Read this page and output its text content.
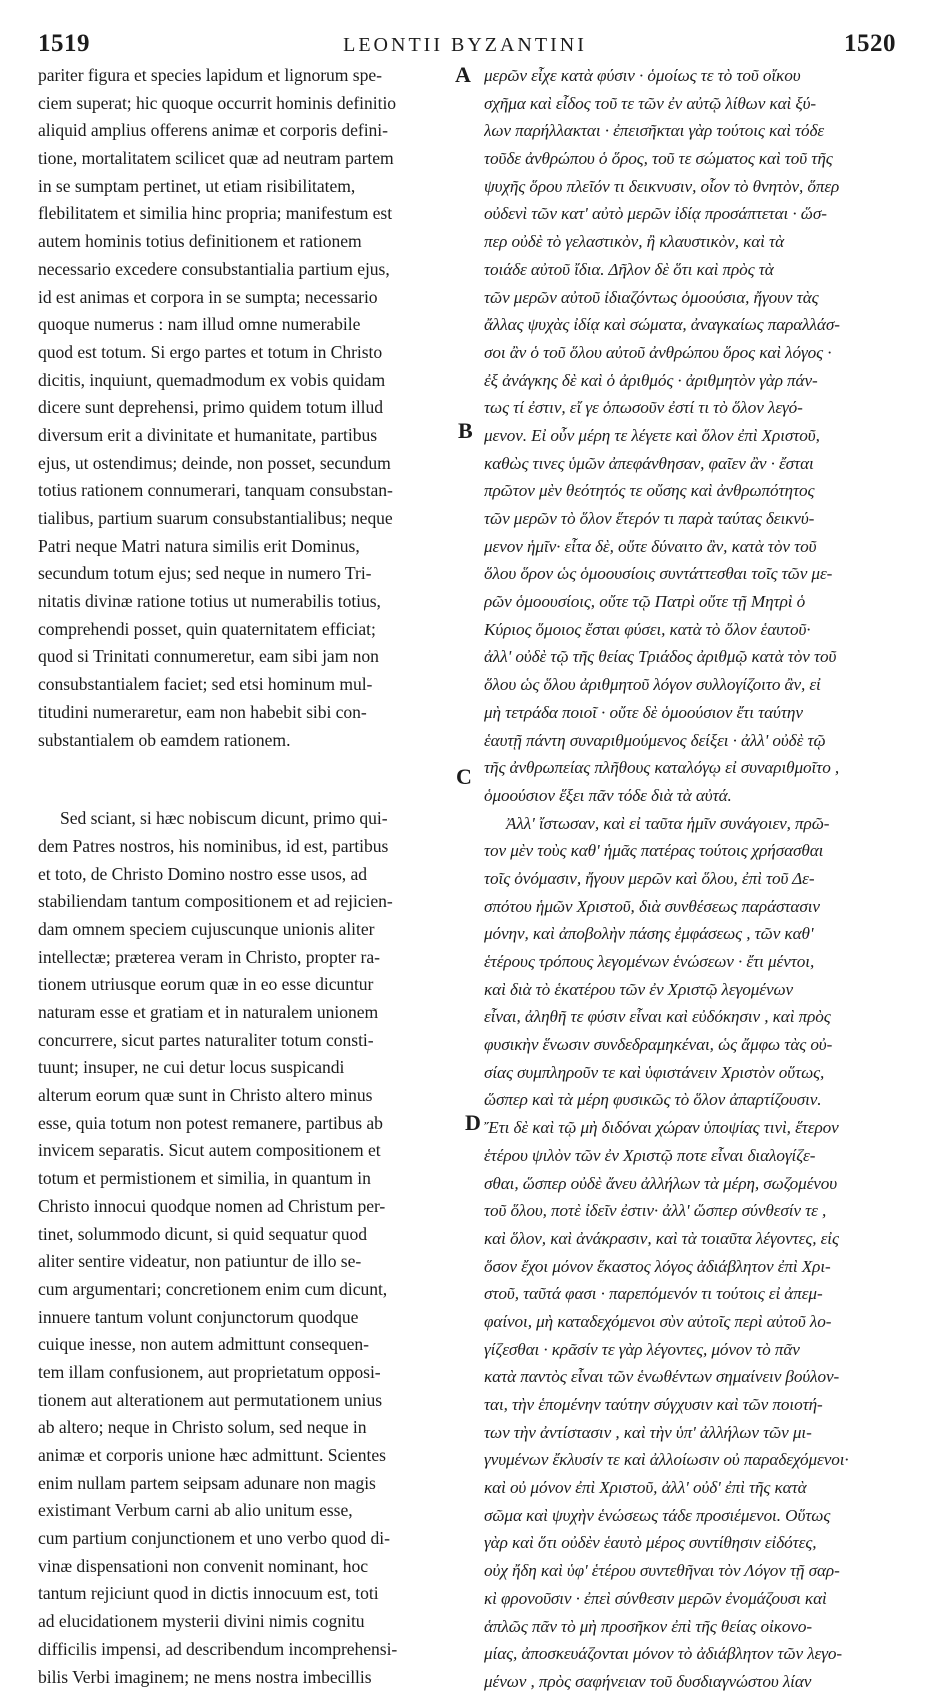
1519	LEONTII BYZANTINI	1520
pariter figura et species lapidum et lignorum spe-
ciem superat; hic quoque occurrit hominis definitio
aliquid amplius offerens animæ et corporis defini-
tione, mortalitatem scilicet quæ ad neutram partem
in se sumptam pertinet, ut etiam risibilitatem,
flebilitatem et similia hinc propria; manifestum est
autem hominis totius definitionem et rationem
necessario excedere consubstantialia partium ejus,
id est animas et corpora in se sumpta; necessario
quoque numerus : nam illud omne numerabile
quod est totum. Si ergo partes et totum in Christo
dicitis, inquiunt, quemadmodum ex vobis quidam
dicere sunt deprehensi, primo quidem totum illud
diversum erit a divinitate et humanitate, partibus
ejus, ut ostendimus; deinde, non posset, secundum
totius rationem connumerari, tanquam consubstan-
tialibus, partium suarum consubstantialibus; neque
Patri neque Matri natura similis erit Dominus,
secundum totum ejus; sed neque in numero Tri-
nitatis divinæ ratione totius ut numerabilis totius,
comprehendi posset, quin quaternitatem efficiat;
quod si Trinitati connumeretur, eam sibi jam non
consubstantialem faciet; sed etsi hominum mul-
titudini numeraretur, eam non habebit sibi con-
substantialem ob eamdem rationem.
Sed sciant, si hæc nobiscum dicunt, primo qui-
dem Patres nostros, his nominibus, id est, partibus
et toto, de Christo Domino nostro esse usos, ad
stabiliendam tantum compositionem et ad rejicien-
dam omnem speciem cujuscunque unionis aliter
intellectæ; præterea veram in Christo, propter ra-
tionem utriusque eorum quæ in eo esse dicuntur
naturam esse et gratiam et in naturalem unionem
concurrere, sicut partes naturaliter totum consti-
tuunt; insuper, ne cui detur locus suspicandi
alterum eorum quæ sunt in Christo altero minus
esse, quia totum non potest remanere, partibus ab
invicem separatis. Sicut autem compositionem et
totum et permistionem et similia, in quantum in
Christo innocui quodque nomen ad Christum per-
tinet, solummodo dicunt, si quid sequatur quod
aliter sentire videatur, non patiuntur de illo se-
cum argumentari; concretionem enim cum dicunt,
innuere tantum volunt conjunctorum quodque
cuique inesse, non autem admittunt consequen-
tem illam confusionem, aut proprietatum opposi-
tionem aut alterationem aut permutationem unius
ab altero; neque in Christo solum, sed neque in
animæ et corporis unione hæc admittunt. Scientes
enim nullam partem seipsam adunare non magis
existimant Verbum carni ab alio unitum esse,
cum partium conjunctionem et uno verbo quod di-
vinæ dispensationi non convenit nominant, hoc
tantum rejiciunt quod in dictis innocuum est, toti
ad elucidationem mysterii divini nimis cognitu
difficilis impensi, ad describendum incomprehensi-
bilis Verbi imaginem; ne mens nostra imbecillis
μερῶν εἶχε κατὰ φύσιν · ὁμοίως τε τὸ τοῦ οἴκου
σχῆμα καὶ εἶδος τοῦ τε τῶν ἐν αὐτῷ λίθων καὶ ξύ-
λων παρήλλακται · ἐπεισῆκται γὰρ τούτοις καὶ τόδε
τοῦδε ἀνθρώπου ὁ ὅρος, τοῦ τε σώματος καὶ τοῦ τῆς
ψυχῆς ὅρου πλεῖόν τι δεικνυσιν, οἷον τὸ θνητὸν, ὅπερ
οὐδενὶ τῶν κατ' αὐτὸ μερῶν ἰδίᾳ προσάπτεται · ὥσ-
περ οὐδὲ τὸ γελαστικὸν, ἢ κλαυστικὸν, καὶ τὰ
τοιάδε αὐτοῦ ἴδια. Δῆλον δὲ ὅτι καὶ πρὸς τὰ
τῶν μερῶν αὐτοῦ ἰδιαζόντως ὁμοούσια, ἤγουν τὰς
ἄλλας ψυχὰς ἰδίᾳ καὶ σώματα, ἀναγκαίως παραλλάσ-
σοι ἂν ὁ τοῦ ὅλου αὐτοῦ ἀνθρώπου ὅρος καὶ λόγος ·
ἐξ ἀνάγκης δὲ καὶ ὁ ἀριθμός · ἀριθμητὸν γὰρ πάν-
τως τί ἐστιν, εἴ γε ὁπωσοῦν ἐστί τι τὸ ὅλον λεγό-
μενον. Εἰ οὖν μέρη τε λέγετε καὶ ὅλον ἐπὶ Χριστοῦ,
καθὼς τινες ὑμῶν ἀπεφάνθησαν, φαῖεν ἂν · ἔσται
πρῶτον μὲν θεότητός τε οὔσης καὶ ἀνθρωπότητος
τῶν μερῶν τὸ ὅλον ἕτερόν τι παρὰ ταύτας δεικνύ-
μενον ἡμῖν· εἶτα δὲ, οὔτε δύναιτο ἂν, κατὰ τὸν τοῦ
ὅλου ὅρον ὡς ὁμοουσίοις συντάττεσθαι τοῖς τῶν με-
ρῶν ὁμοουσίοις, οὔτε τῷ Πατρὶ οὔτε τῇ Μητρὶ ὁ
Κύριος ὅμοιος ἔσται φύσει, κατὰ τὸ ὅλον ἑαυτοῦ·
ἀλλ' οὐδὲ τῷ τῆς θείας Τριάδος ἀριθμῷ κατὰ τὸν τοῦ
ὅλου ὡς ὅλου ἀριθμητοῦ λόγον συλλογίζοιτο ἂν, εἰ
μὴ τετράδα ποιοῖ · οὔτε δὲ ὁμοούσιον ἔτι ταύτην
ἑαυτῇ πάντη συναριθμούμενος δείξει · ἀλλ' οὐδὲ τῷ
τῆς ἀνθρωπείας πλῆθους καταλόγῳ εἰ συναριθμοῖτο ,
ὁμοούσιον ἕξει πᾶν τόδε διὰ τὰ αὐτά.
Ἀλλ' ἴστωσαν, καὶ εἰ ταῦτα ἡμῖν συνάγοιεν, πρῶ-
τον μὲν τοὺς καθ' ἡμᾶς πατέρας τούτοις χρήσασθαι
τοῖς ὀνόμασιν, ἤγουν μερῶν καὶ ὅλου, ἐπὶ τοῦ Δε-
σπότου ἡμῶν Χριστοῦ, διὰ συνθέσεως παράστασιν
μόνην, καὶ ἀποβολὴν πάσης ἐμφάσεως , τῶν καθ'
ἑτέρους τρόπους λεγομένων ἑνώσεων · ἔτι μέντοι,
καὶ διὰ τὸ ἑκατέρου τῶν ἐν Χριστῷ λεγομένων
εἶναι, ἀληθῆ τε φύσιν εἶναι καὶ εὐδόκησιν , καὶ πρὸς
φυσικὴν ἕνωσιν συνδεδραμηκέναι, ὡς ἄμφω τὰς οὐ-
σίας συμπληροῦν τε καὶ ὑφιστάνειν Χριστὸν οὕτως,
ὥσπερ καὶ τὰ μέρη φυσικῶς τὸ ὅλον ἀπαρτίζουσιν.
Ἔτι δὲ καὶ τῷ μὴ διδόναι χώραν ὑποψίας τινὶ, ἕτερον
ἑτέρου ψιλὸν τῶν ἐν Χριστῷ ποτε εἶναι διαλογίζε-
σθαι, ὥσπερ οὐδὲ ἄνευ ἀλλήλων τὰ μέρη, σωζομένου
τοῦ ὅλου, ποτὲ ἰδεῖν ἐστιν· ἀλλ' ὥσπερ σύνθεσίν τε ,
καὶ ὅλον, καὶ ἀνάκρασιν, καὶ τὰ τοιαῦτα λέγοντες, εἰς
ὅσον ἔχοι μόνον ἕκαστος λόγος ἀδιάβλητον ἐπὶ Χρι-
στοῦ, ταῦτά φασι · παρεπόμενόν τι τούτοις εἰ ἀπεμ-
φαίνοι, μὴ καταδεχόμενοι σὺν αὐτοῖς περὶ αὐτοῦ λο-
γίζεσθαι · κρᾶσίν τε γὰρ λέγοντες, μόνον τὸ πᾶν
κατὰ παντὸς εἶναι τῶν ἑνωθέντων σημαίνειν βούλον-
ται, τὴν ἑπομένην ταύτην σύγχυσιν καὶ τῶν ποιοτή-
των τὴν ἀντίστασιν , καὶ τὴν ὑπ' ἀλλήλων τῶν μι-
γνυμένων ἔκλυσίν τε καὶ ἀλλοίωσιν οὐ παραδεχόμενοι·
καὶ οὐ μόνον ἐπὶ Χριστοῦ, ἀλλ' οὐδ' ἐπὶ τῆς κατὰ
σῶμα καὶ ψυχὴν ἑνώσεως τάδε προσιέμενοι. Οὕτως
γὰρ καὶ ὅτι οὐδὲν ἑαυτὸ μέρος συντίθησιν εἰδότες,
οὐχ ἤδη καὶ ὑφ' ἑτέρου συντεθῆναι τὸν Λόγον τῇ σαρ-
κὶ φρονοῦσιν · ἐπεὶ σύνθεσιν μερῶν ἐνομάζουσι καὶ
ἁπλῶς πᾶν τὸ μὴ προσῆκον ἐπὶ τῆς θείας οἰκονο-
μίας, ἀποσκευάζονται μόνον τὸ ἀδιάβλητον τῶν λεγο-
μένων , πρὸς σαφήνειαν τοῦ δυσδιαγνώστου λίαν
A
B
C
D
